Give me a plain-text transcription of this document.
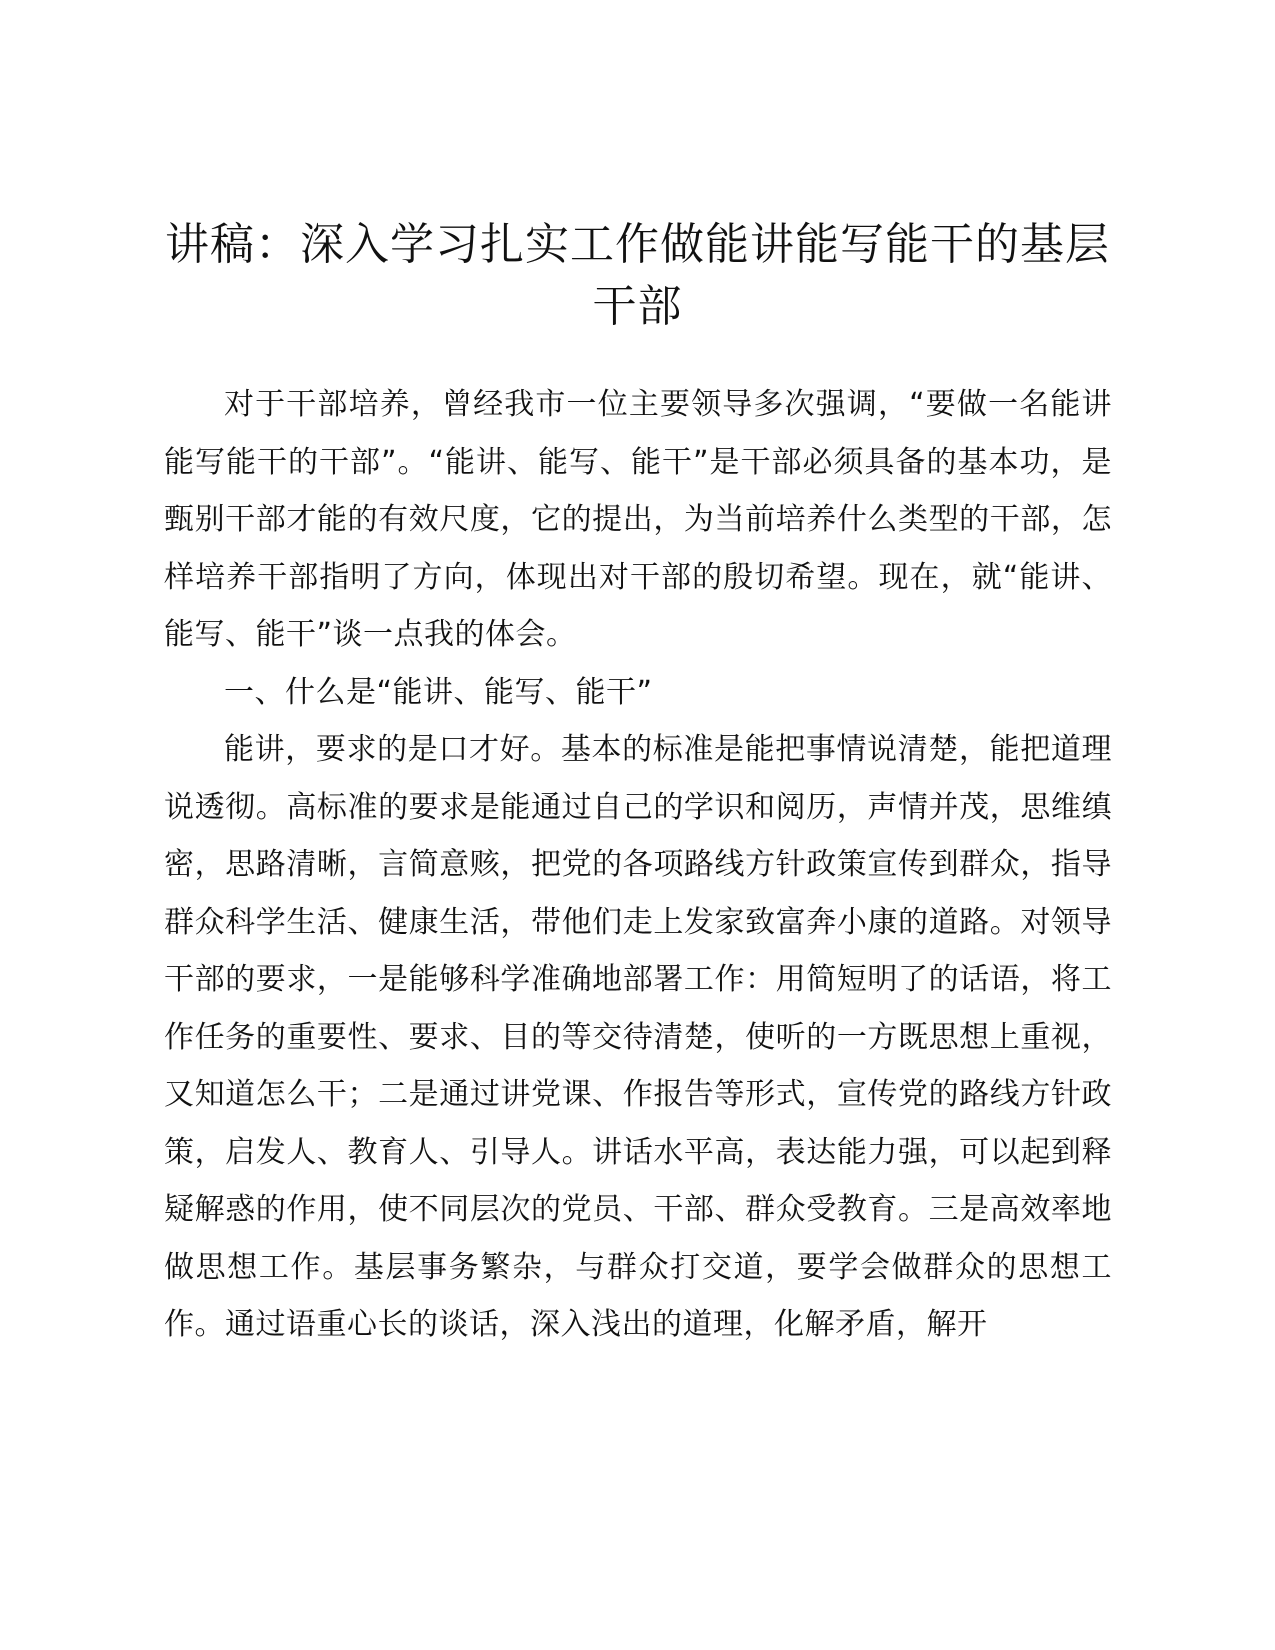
讲稿：深入学习扎实工作做能讲能写能干的基层干部

对于干部培养，曾经我市一位主要领导多次强调，“要做一名能讲能写能干的干部”。“能讲、能写、能干”是干部必须具备的基本功，是甄别干部才能的有效尺度，它的提出，为当前培养什么类型的干部，怎样培养干部指明了方向，体现出对干部的殷切希望。现在，就“能讲、能写、能干”谈一点我的体会。

一、什么是“能讲、能写、能干”

能讲，要求的是口才好。基本的标准是能把事情说清楚，能把道理说透彻。高标准的要求是能通过自己的学识和阅历，声情并茂，思维缜密，思路清晰，言简意赅，把党的各项路线方针政策宣传到群众，指导群众科学生活、健康生活，带他们走上发家致富奔小康的道路。对领导干部的要求，一是能够科学准确地部署工作：用简短明了的话语，将工作任务的重要性、要求、目的等交待清楚，使听的一方既思想上重视，又知道怎么干；二是通过讲党课、作报告等形式，宣传党的路线方针政策，启发人、教育人、引导人。讲话水平高，表达能力强，可以起到释疑解惑的作用，使不同层次的党员、干部、群众受教育。三是高效率地做思想工作。基层事务繁杂，与群众打交道，要学会做群众的思想工作。通过语重心长的谈话，深入浅出的道理，化解矛盾，解开
